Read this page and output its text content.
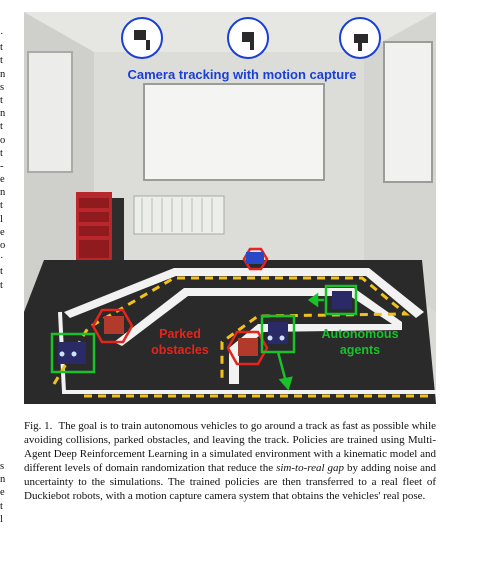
·
t
t
n
s
t
n
t
o
t
-
e
n
t
l
e
o
·
t
t
s
n
e
t
l
Camera tracking with motion capture
Parked
obstacles
Autonomous
agents
Fig. 1. The goal is to train autonomous vehicles to go around a track as fast as possible while avoiding collisions, parked obstacles, and leaving the track. Policies are trained using Multi-Agent Deep Reinforcement Learning in a simulated environment with a kinematic model and different levels of domain randomization that reduce the sim-to-real gap by adding noise and uncertainty to the simulations. The trained policies are then transferred to a real fleet of Duckiebot robots, with a motion capture camera system that obtains the vehicles' real pose.
